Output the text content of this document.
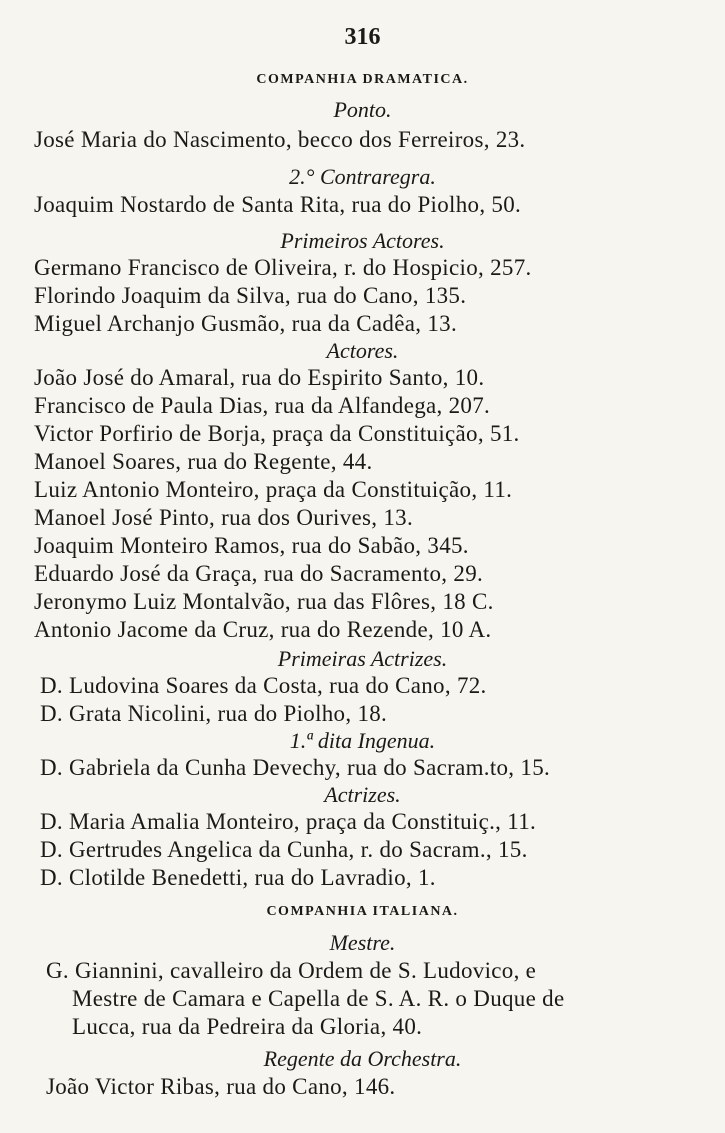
316
COMPANHIA DRAMATICA.
Ponto.
José Maria do Nascimento, becco dos Ferreiros, 23.
2.° Contraregra.
Joaquim Nostardo de Santa Rita, rua do Piolho, 50.
Primeiros Actores.
Germano Francisco de Oliveira, r. do Hospicio, 257.
Florindo Joaquim da Silva, rua do Cano, 135.
Miguel Archanjo Gusmão, rua da Cadêa, 13.
Actores.
João José do Amaral, rua do Espirito Santo, 10.
Francisco de Paula Dias, rua da Alfandega, 207.
Victor Porfirio de Borja, praça da Constituição, 51.
Manoel Soares, rua do Regente, 44.
Luiz Antonio Monteiro, praça da Constituição, 11.
Manoel José Pinto, rua dos Ourives, 13.
Joaquim Monteiro Ramos, rua do Sabão, 345.
Eduardo José da Graça, rua do Sacramento, 29.
Jeronymo Luiz Montalvão, rua das Flôres, 18 C.
Antonio Jacome da Cruz, rua do Rezende, 10 A.
Primeiras Actrizes.
D. Ludovina Soares da Costa, rua do Cano, 72.
D. Grata Nicolini, rua do Piolho, 18.
1.ª dita Ingenua.
D. Gabriela da Cunha Devechy, rua do Sacram.to, 15.
Actrizes.
D. Maria Amalia Monteiro, praça da Constituiç., 11.
D. Gertrudes Angelica da Cunha, r. do Sacram., 15.
D. Clotilde Benedetti, rua do Lavradio, 1.
COMPANHIA ITALIANA.
Mestre.
G. Giannini, cavalleiro da Ordem de S. Ludovico, e
Mestre de Camara e Capella de S. A. R. o Duque de
Lucca, rua da Pedreira da Gloria, 40.
Regente da Orchestra.
João Victor Ribas, rua do Cano, 146.
